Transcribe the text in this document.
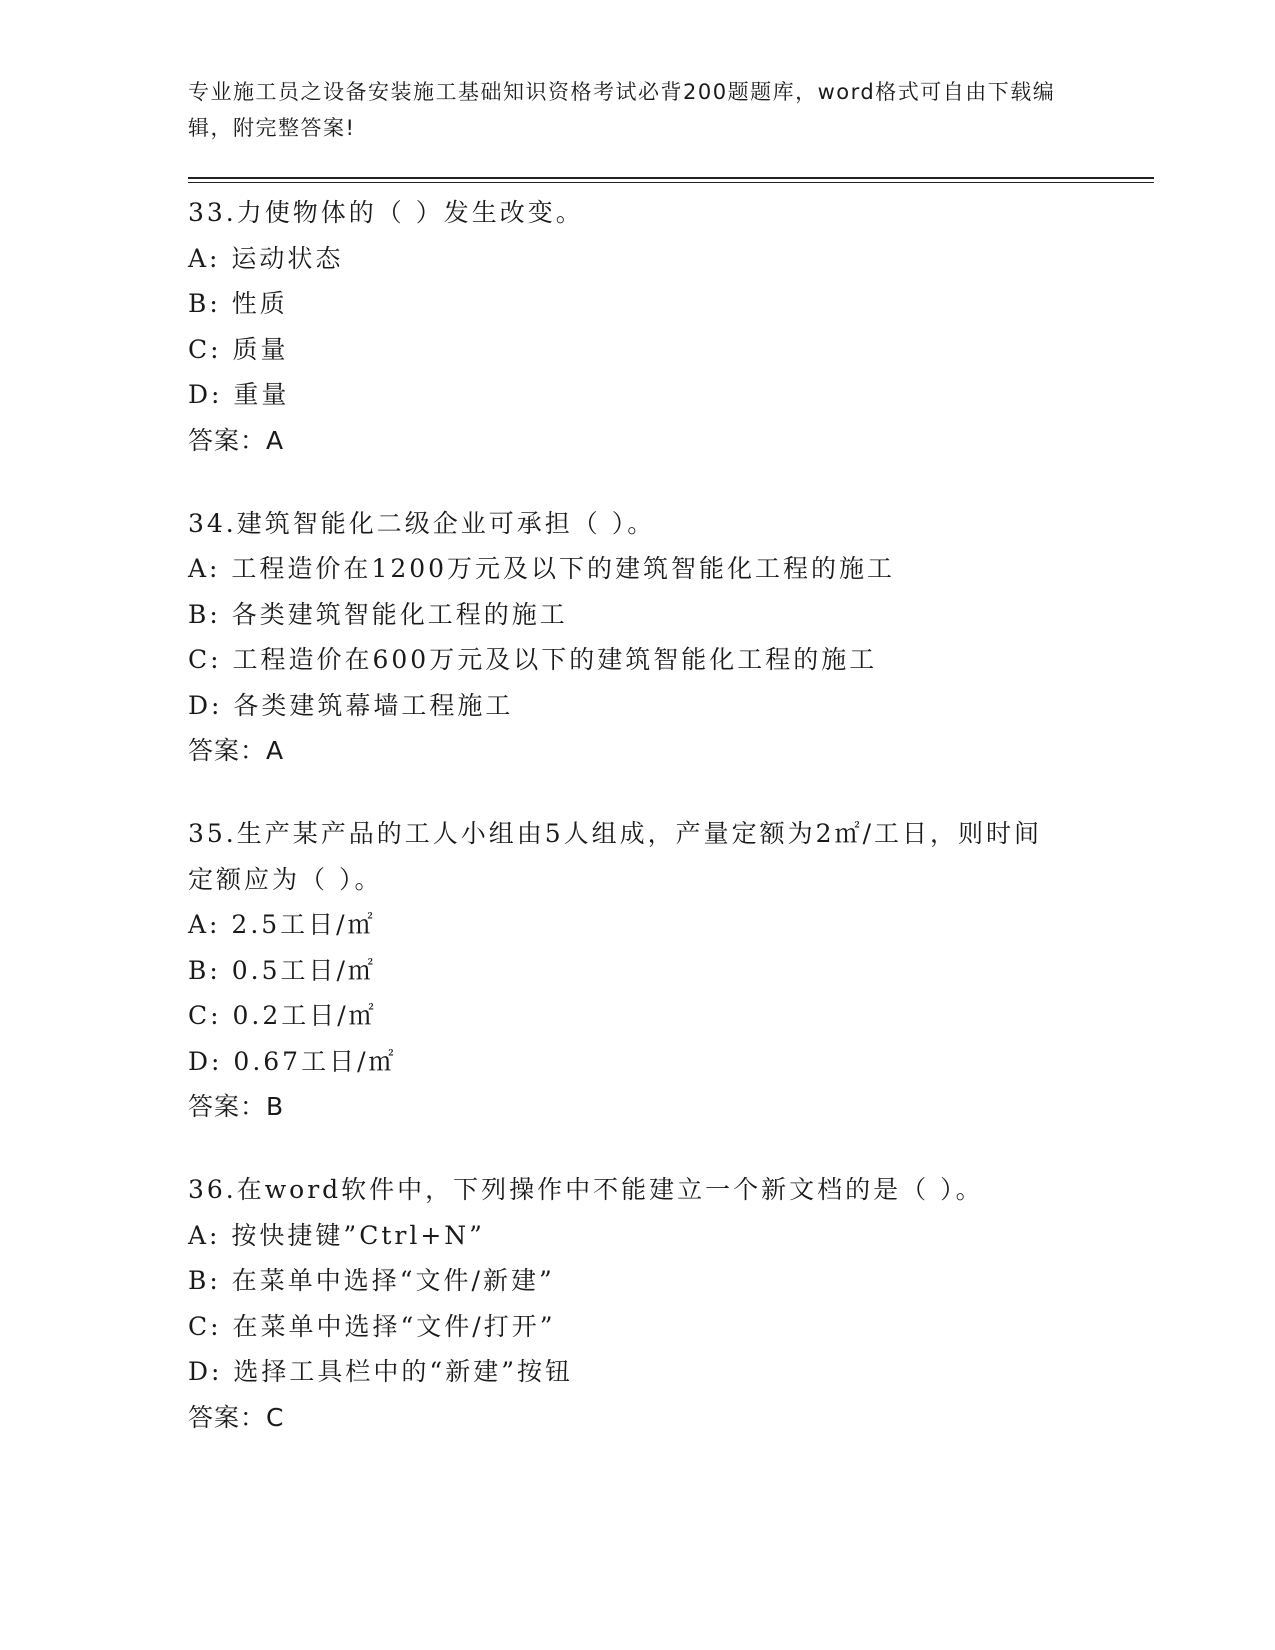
专业施工员之设备安装施工基础知识资格考试必背200题题库，word格式可自由下载编辑，附完整答案!
33.力使物体的（ ）发生改变。
A: 运动状态
B: 性质
C: 质量
D: 重量
答案：A
34.建筑智能化二级企业可承担（ ）。
A: 工程造价在1200万元及以下的建筑智能化工程的施工
B: 各类建筑智能化工程的施工
C: 工程造价在600万元及以下的建筑智能化工程的施工
D: 各类建筑幕墙工程施工
答案：A
35.生产某产品的工人小组由5人组成，产量定额为2㎡/工日，则时间定额应为（ ）。
A: 2.5工日/㎡
B: 0.5工日/㎡
C: 0.2工日/㎡
D: 0.67工日/㎡
答案：B
36.在word软件中，下列操作中不能建立一个新文档的是（ ）。
A: 按快捷键”Ctrl+N”
B: 在菜单中选择“文件/新建”
C: 在菜单中选择“文件/打开”
D: 选择工具栏中的“新建”按钮
答案：C
